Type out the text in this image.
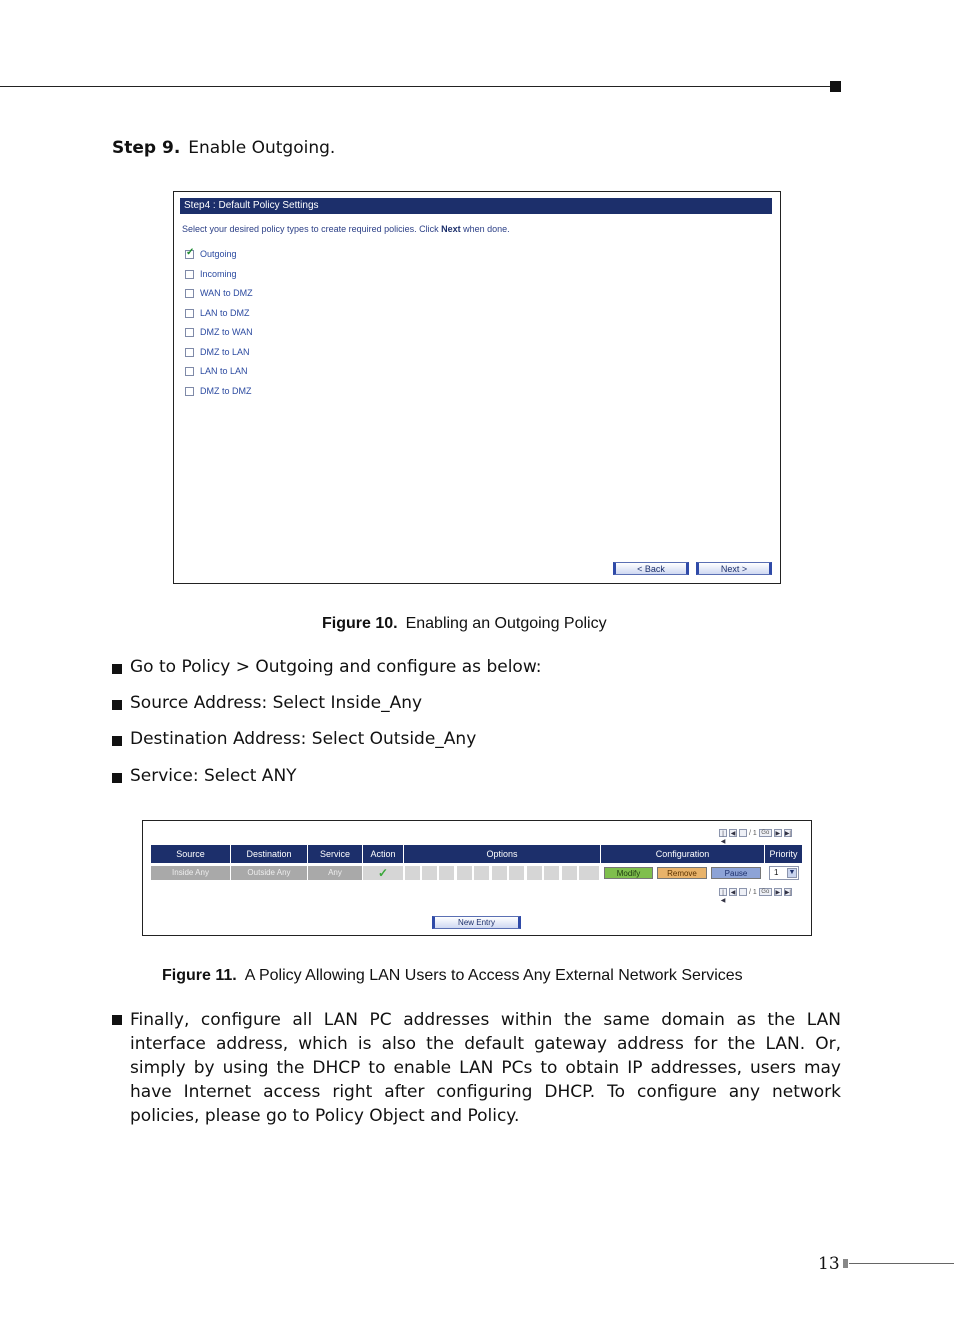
Step 9. Enable Outgoing.
Step4 : Default Policy Settings
Select your desired policy types to create required policies. Click Next when done.
✓
Outgoing
Incoming
WAN to DMZ
LAN to DMZ
DMZ to WAN
DMZ to LAN
LAN to LAN
DMZ to DMZ
< Back	Next >
Figure 10. Enabling an Outgoing Policy
Go to Policy > Outgoing and configure as below:
Source Address: Select Inside_Any
Destination Address: Select Outside_Any
Service: Select ANY
|◀
◀ /
1 Go	▶ ▶|
Source	Destination	Service	Action	Options	Configuration	Priority
Inside Any	Outside Any	Any	✓	Modify	Remove	Pause	1 ▼
|◀
◀ /
1 Go	▶ ▶|
New Entry
Figure 11. A Policy Allowing LAN Users to Access Any External Network Services
Finally, configure all LAN PC addresses within the same domain as the LAN interface address, which is also the default gateway address for the LAN. Or, simply by using the DHCP to enable LAN PCs to obtain IP addresses, users may have Internet access right after configuring DHCP. To configure any network policies, please go to Policy Object and Policy.
13
